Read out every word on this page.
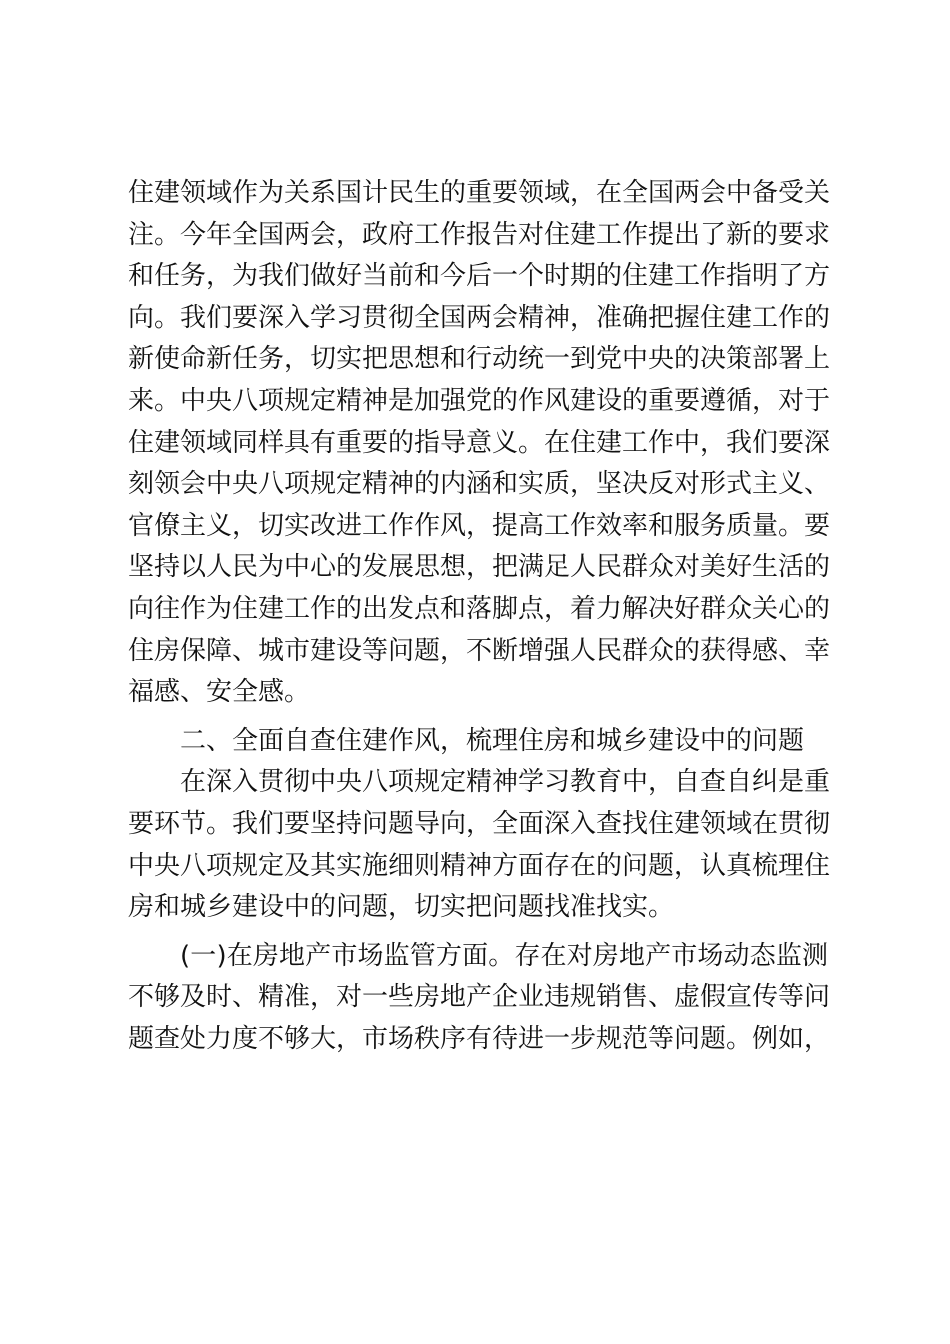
住建领域作为关系国计民生的重要领域，在全国两会中备受关
注。今年全国两会，政府工作报告对住建工作提出了新的要求
和任务，为我们做好当前和今后一个时期的住建工作指明了方
向。我们要深入学习贯彻全国两会精神，准确把握住建工作的
新使命新任务，切实把思想和行动统一到党中央的决策部署上
来。中央八项规定精神是加强党的作风建设的重要遵循，对于
住建领域同样具有重要的指导意义。在住建工作中，我们要深
刻领会中央八项规定精神的内涵和实质，坚决反对形式主义、
官僚主义，切实改进工作作风，提高工作效率和服务质量。要
坚持以人民为中心的发展思想，把满足人民群众对美好生活的
向往作为住建工作的出发点和落脚点，着力解决好群众关心的
住房保障、城市建设等问题，不断增强人民群众的获得感、幸
福感、安全感。
二、全面自查住建作风，梳理住房和城乡建设中的问题
在深入贯彻中央八项规定精神学习教育中，自查自纠是重
要环节。我们要坚持问题导向，全面深入查找住建领域在贯彻
中央八项规定及其实施细则精神方面存在的问题，认真梳理住
房和城乡建设中的问题，切实把问题找准找实。
(一)在房地产市场监管方面。存在对房地产市场动态监测
不够及时、精准，对一些房地产企业违规销售、虚假宣传等问
题查处力度不够大，市场秩序有待进一步规范等问题。例如，
